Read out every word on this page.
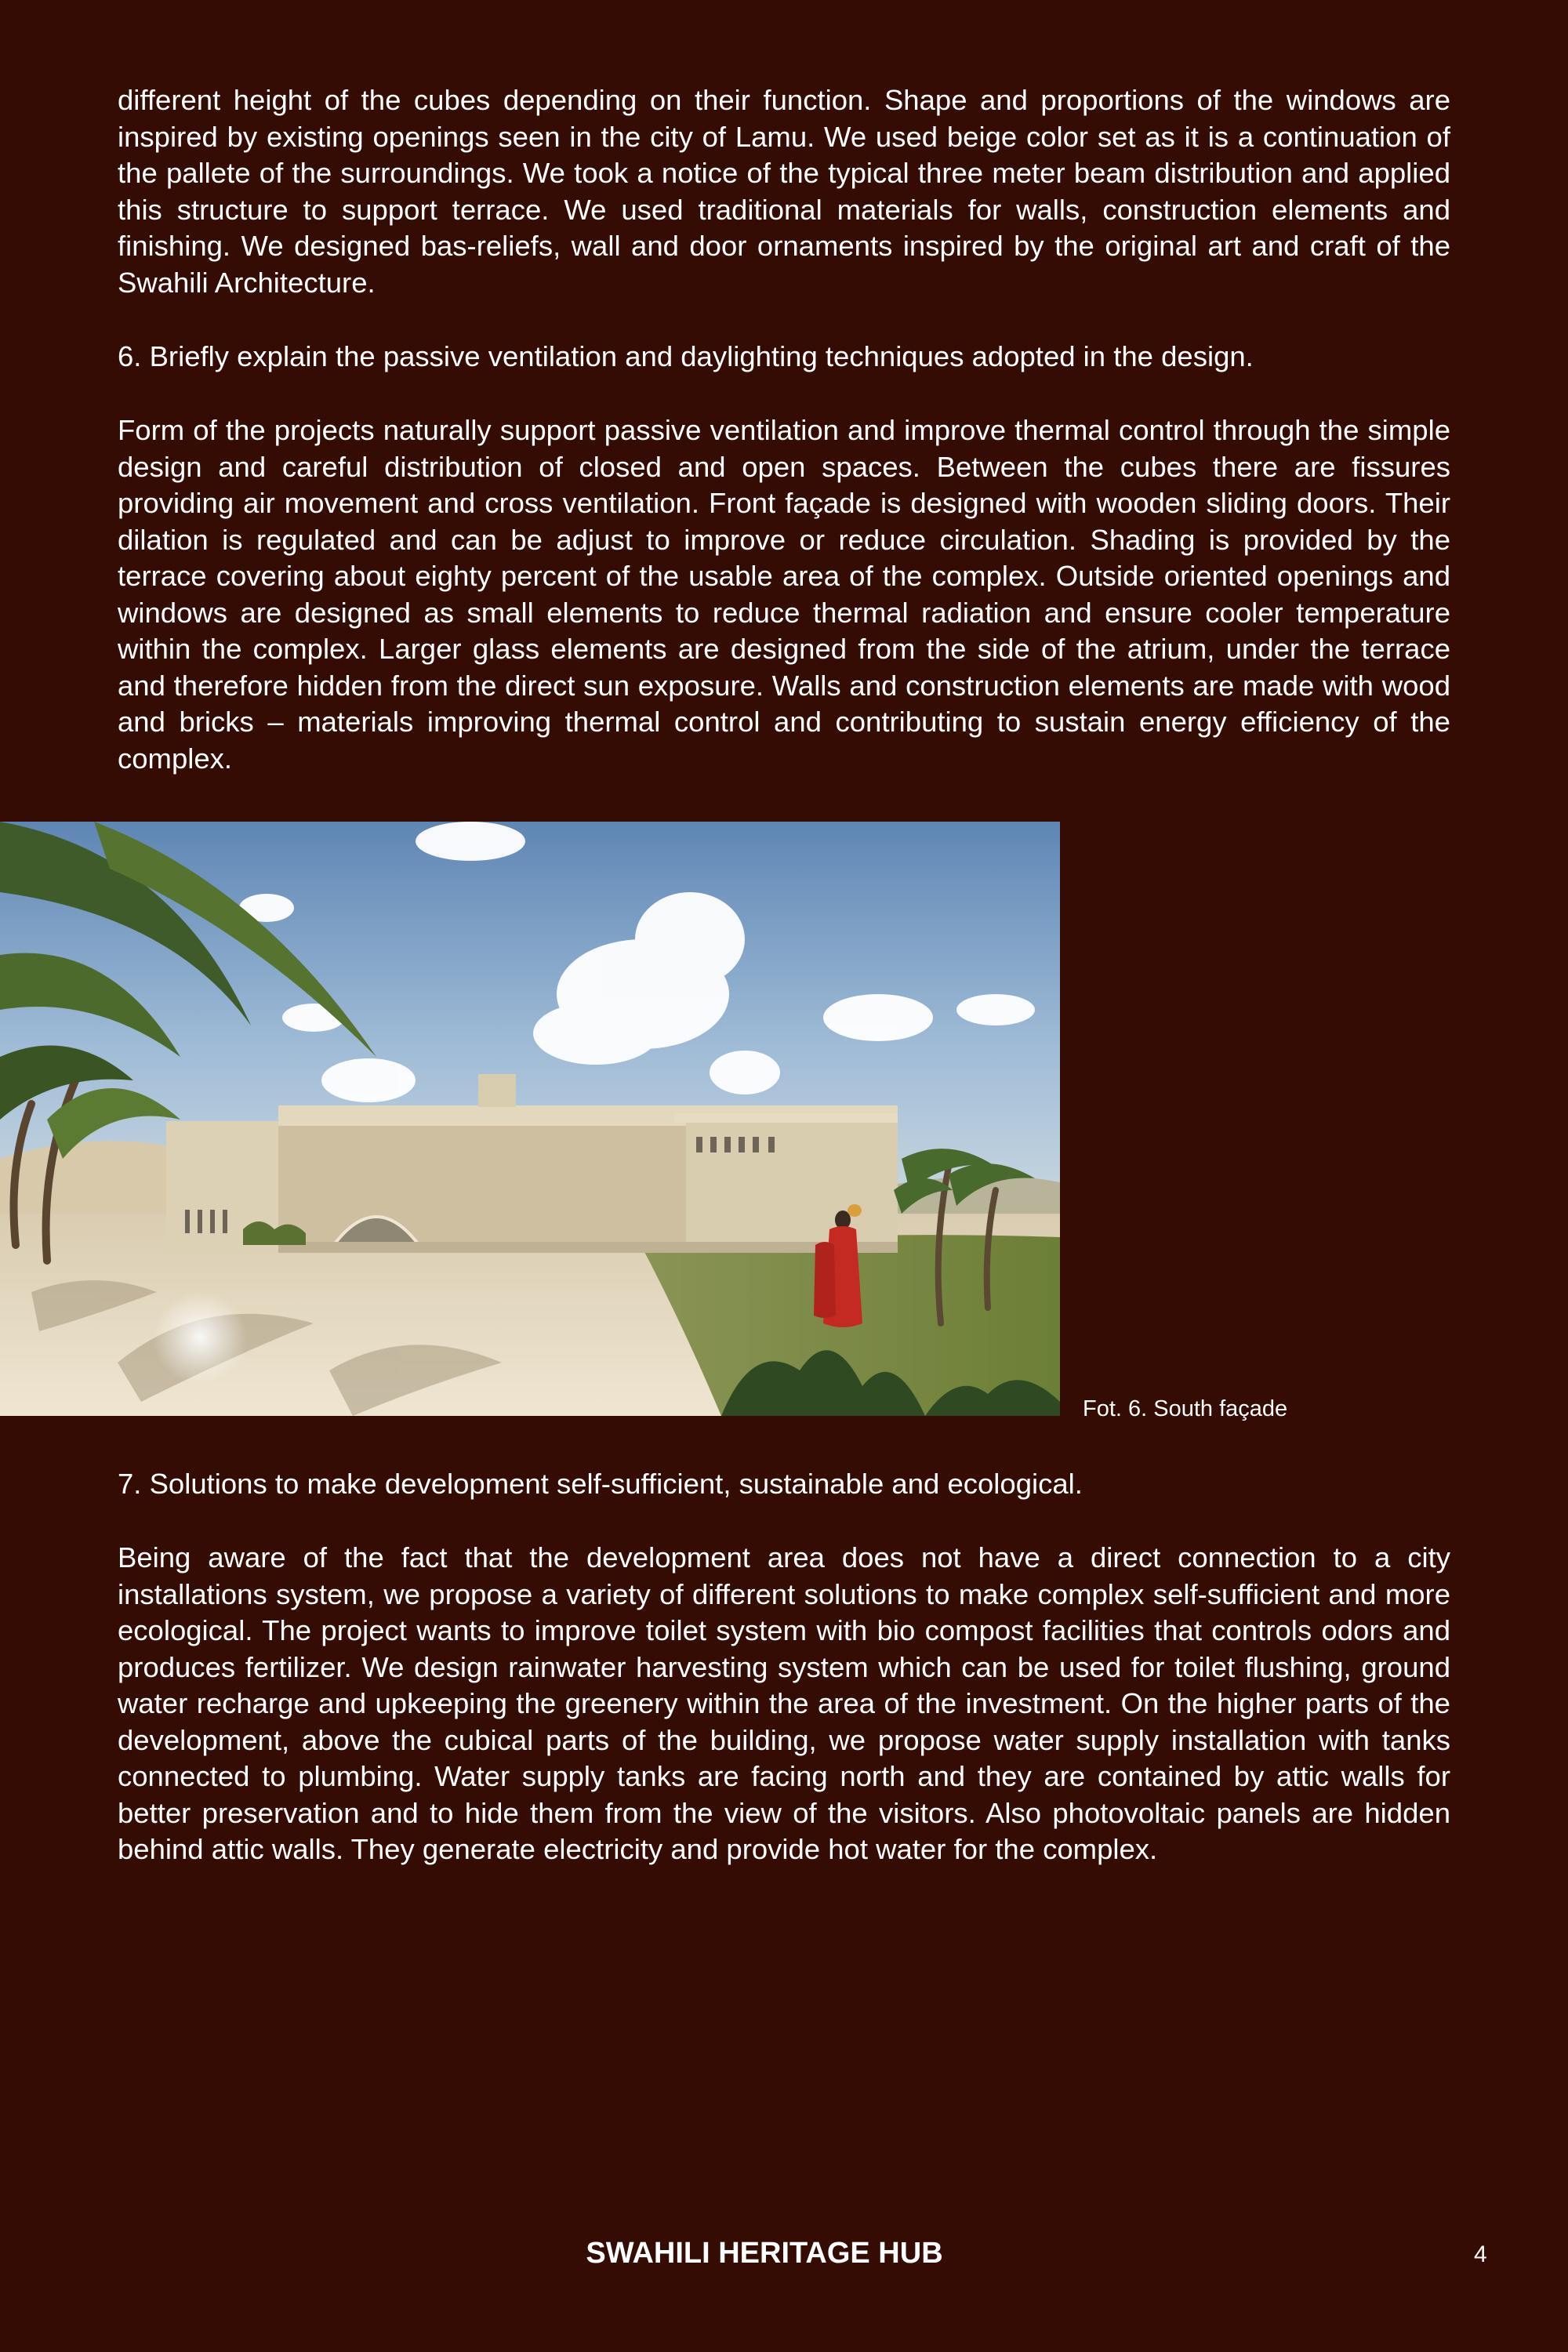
different height of the cubes depending on their function. Shape and proportions of the windows are inspired by existing openings seen in the city of Lamu. We used beige color set as it is a continuation of the pallete of the surroundings. We took a notice of the typical three meter beam distribution and applied this structure to support terrace. We used traditional materials for walls, construction elements and finishing. We designed bas-reliefs, wall and door ornaments inspired by the original art and craft of the Swahili Architecture.

6. Briefly explain the passive ventilation and daylighting techniques adopted in the design.

Form of the projects naturally support passive ventilation and improve thermal control through the simple design and careful distribution of closed and open spaces. Between the cubes there are fissures providing air movement and cross ventilation. Front façade is designed with wooden sliding doors. Their dilation is regulated and can be adjust to improve or reduce circulation. Shading is provided by the terrace covering about eighty percent of the usable area of the complex. Outside oriented openings and windows are designed as small elements to reduce thermal radiation and ensure cooler temperature within the complex. Larger glass elements are designed from the side of the atrium, under the terrace and therefore hidden from the direct sun exposure. Walls and construction elements are made with wood and bricks – materials improving thermal control and contributing to sustain energy efficiency of the complex.

Fot. 6. South façade

7. Solutions to make development self-sufficient, sustainable and ecological.

Being aware of the fact that the development area does not have a direct connection to a city installations system, we propose a variety of different solutions to make complex self-sufficient and more ecological. The project wants to improve toilet system with bio compost facilities that controls odors and produces fertilizer. We design rainwater harvesting system which can be used for toilet flushing, ground water recharge and upkeeping the greenery within the area of the investment. On the higher parts of the development, above the cubical parts of the building, we propose water supply installation with tanks connected to plumbing. Water supply tanks are facing north and they are contained by attic walls for better preservation and to hide them from the view of the visitors. Also photovoltaic panels are hidden behind attic walls. They generate electricity and provide hot water for the complex.

SWAHILI HERITAGE HUB	4
